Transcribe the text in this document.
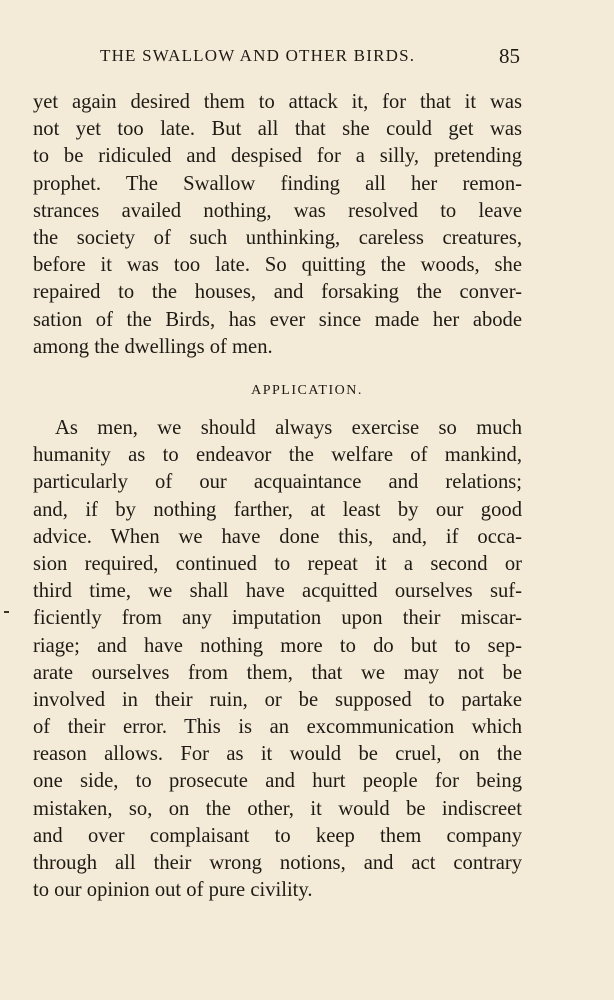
THE SWALLOW AND OTHER BIRDS.	85
yet again desired them to attack it, for that it was
not yet too late. But all that she could get was
to be ridiculed and despised for a silly, pretending
prophet. The Swallow finding all her remon-
strances availed nothing, was resolved to leave
the society of such unthinking, careless creatures,
before it was too late. So quitting the woods, she
repaired to the houses, and forsaking the conver-
sation of the Birds, has ever since made her abode
among the dwellings of men.
APPLICATION.
As men, we should always exercise so much
humanity as to endeavor the welfare of mankind,
particularly of our acquaintance and relations;
and, if by nothing farther, at least by our good
advice. When we have done this, and, if occa-
sion required, continued to repeat it a second or
third time, we shall have acquitted ourselves suf-
ficiently from any imputation upon their miscar-
riage; and have nothing more to do but to sep-
arate ourselves from them, that we may not be
involved in their ruin, or be supposed to partake
of their error. This is an excommunication which
reason allows. For as it would be cruel, on the
one side, to prosecute and hurt people for being
mistaken, so, on the other, it would be indiscreet
and over complaisant to keep them company
through all their wrong notions, and act contrary
to our opinion out of pure civility.
